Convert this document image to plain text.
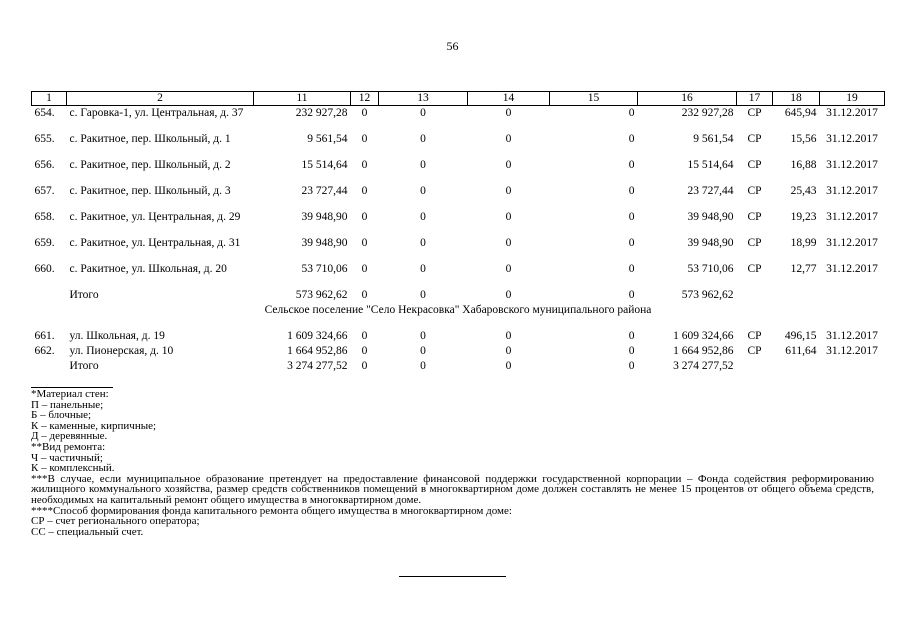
56
1	2	11	12	13	14	15	16	17	18	19
654.	с. Гаровка-1, ул. Центральная, д. 37	232 927,28	0	0	0	0	232 927,28	СР	645,94	31.12.2017
655.	с. Ракитное, пер. Школьный, д. 1	9 561,54	0	0	0	0	9 561,54	СР	15,56	31.12.2017
656.	с. Ракитное, пер. Школьный, д. 2	15 514,64	0	0	0	0	15 514,64	СР	16,88	31.12.2017
657.	с. Ракитное, пер. Школьный, д. 3	23 727,44	0	0	0	0	23 727,44	СР	25,43	31.12.2017
658.	с. Ракитное, ул. Центральная, д. 29	39 948,90	0	0	0	0	39 948,90	СР	19,23	31.12.2017
659.	с. Ракитное, ул. Центральная, д. 31	39 948,90	0	0	0	0	39 948,90	СР	18,99	31.12.2017
660.	с. Ракитное, ул. Школьная, д. 20	53 710,06	0	0	0	0	53 710,06	СР	12,77	31.12.2017
	Итого	573 962,62	0	0	0	0	573 962,62			
Сельское поселение "Село Некрасовка" Хабаровского муниципального района										
661.	ул. Школьная, д. 19	1 609 324,66	0	0	0	0	1 609 324,66	СР	496,15	31.12.2017
662.	ул. Пионерская, д. 10	1 664 952,86	0	0	0	0	1 664 952,86	СР	611,64	31.12.2017
	Итого	3 274 277,52	0	0	0	0	3 274 277,52			

*Материал стен:

П – панельные;

Б – блочные;

К – каменные, кирпичные;

Д – деревянные.

**Вид ремонта:

Ч – частичный;

К – комплексный.

***В случае, если муниципальное образование претендует на предоставление финансовой поддержки государственной корпорации – Фонда содействия реформированию жилищного коммунального хозяйства, размер средств собственников помещений в многоквартирном доме должен составлять не менее 15 процентов от общего объема средств, необходимых на капитальный ремонт общего имущества в многоквартирном доме.

****Способ формирования фонда капитального ремонта общего имущества в многоквартирном доме:

СР – счет регионального оператора;

СС – специальный счет.
